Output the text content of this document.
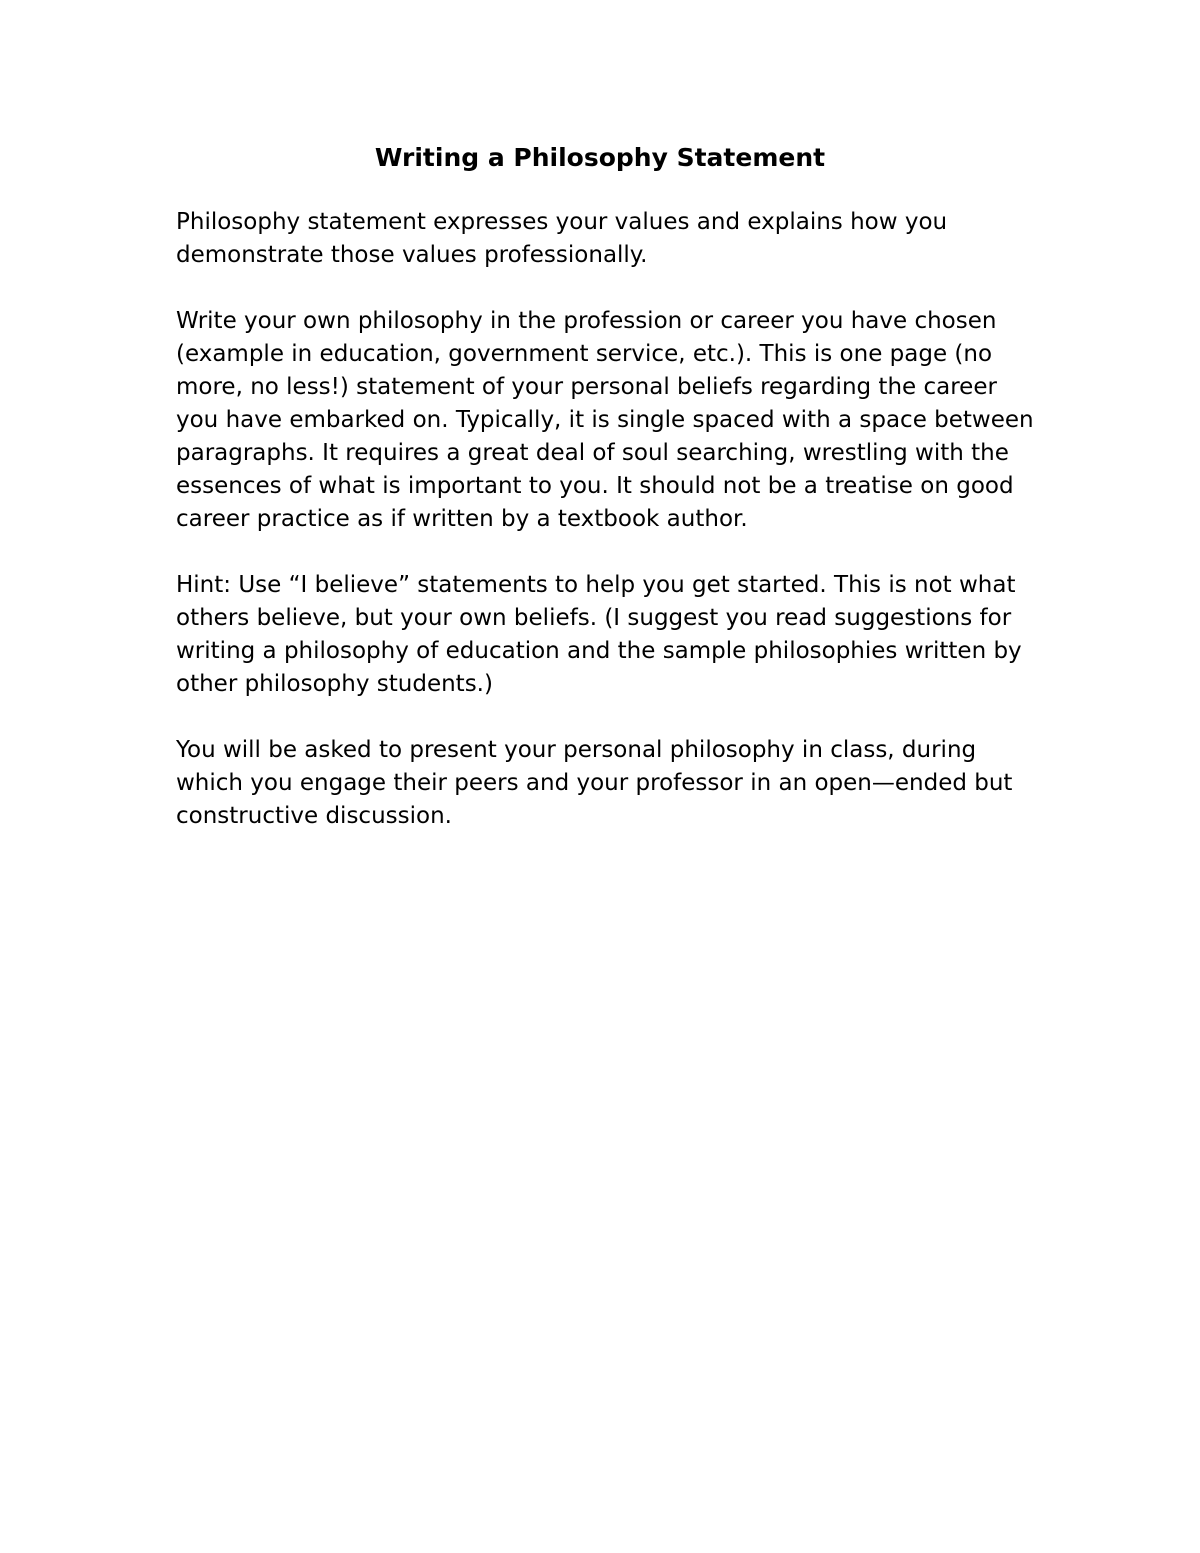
Writing a Philosophy Statement

Philosophy statement expresses your values and explains how you demonstrate those values professionally.

Write your own philosophy in the profession or career you have chosen (example in education, government service, etc.). This is one page (no more, no less!) statement of your personal beliefs regarding the career you have embarked on. Typically, it is single spaced with a space between paragraphs. It requires a great deal of soul searching, wrestling with the essences of what is important to you. It should not be a treatise on good career practice as if written by a textbook author.

Hint: Use “I believe” statements to help you get started. This is not what others believe, but your own beliefs. (I suggest you read suggestions for writing a philosophy of education and the sample philosophies written by other philosophy students.)

You will be asked to present your personal philosophy in class, during which you engage their peers and your professor in an open—ended but constructive discussion.
